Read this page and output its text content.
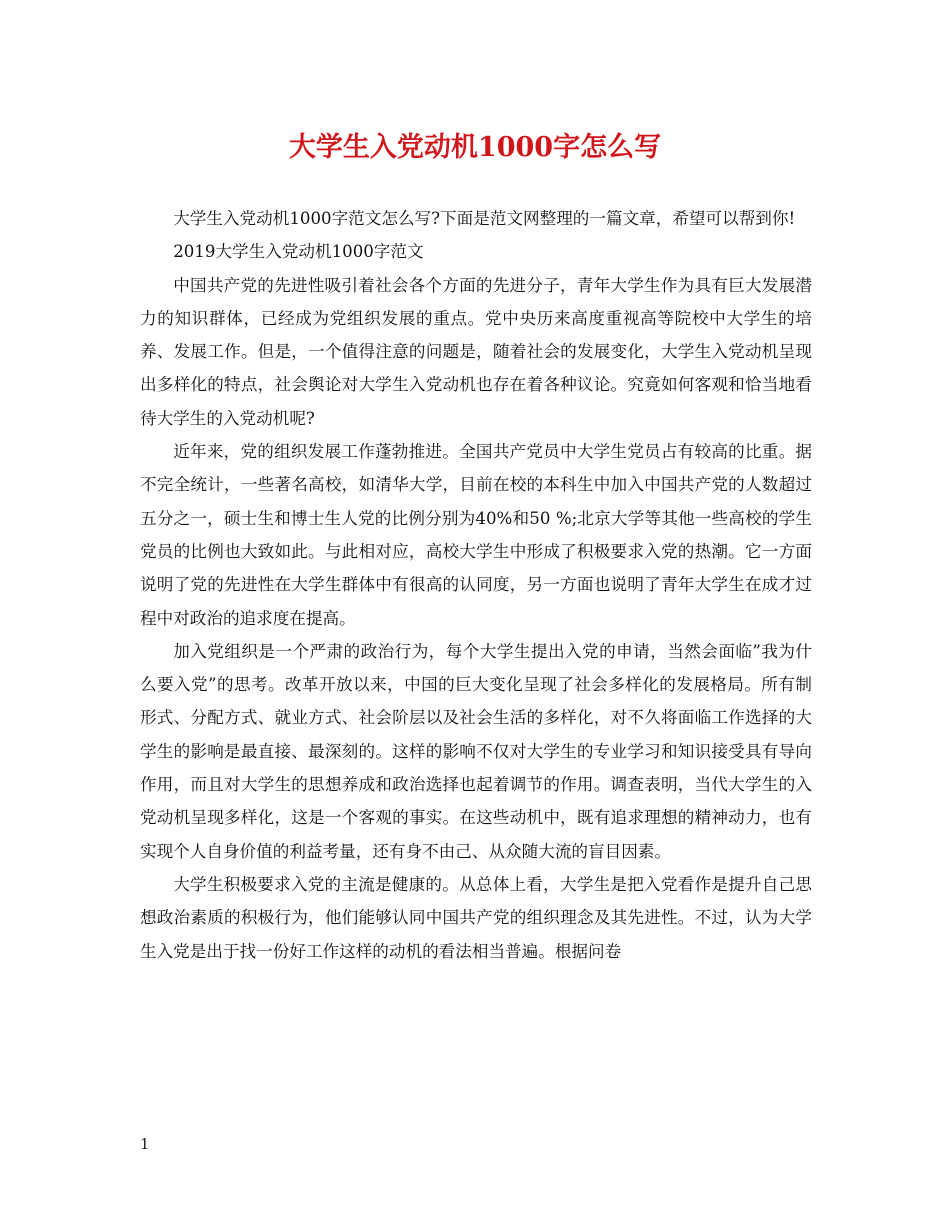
大学生入党动机1000字怎么写

大学生入党动机1000字范文怎么写?下面是范文网整理的一篇文章，希望可以帮到你!

2019大学生入党动机1000字范文

中国共产党的先进性吸引着社会各个方面的先进分子，青年大学生作为具有巨大发展潜力的知识群体，已经成为党组织发展的重点。党中央历来高度重视高等院校中大学生的培养、发展工作。但是，一个值得注意的问题是，随着社会的发展变化，大学生入党动机呈现出多样化的特点，社会舆论对大学生入党动机也存在着各种议论。究竟如何客观和恰当地看待大学生的入党动机呢?

近年来，党的组织发展工作蓬勃推进。全国共产党员中大学生党员占有较高的比重。据不完全统计，一些著名高校，如清华大学，目前在校的本科生中加入中国共产党的人数超过五分之一，硕士生和博士生人党的比例分别为40%和50 %;北京大学等其他一些高校的学生党员的比例也大致如此。与此相对应，高校大学生中形成了积极要求入党的热潮。它一方面说明了党的先进性在大学生群体中有很高的认同度，另一方面也说明了青年大学生在成才过程中对政治的追求度在提高。

加入党组织是一个严肃的政治行为，每个大学生提出入党的申请，当然会面临”我为什么要入党”的思考。改革开放以来，中国的巨大变化呈现了社会多样化的发展格局。所有制形式、分配方式、就业方式、社会阶层以及社会生活的多样化，对不久将面临工作选择的大学生的影响是最直接、最深刻的。这样的影响不仅对大学生的专业学习和知识接受具有导向作用，而且对大学生的思想养成和政治选择也起着调节的作用。调查表明，当代大学生的入党动机呈现多样化，这是一个客观的事实。在这些动机中，既有追求理想的精神动力，也有实现个人自身价值的利益考量，还有身不由己、从众随大流的盲目因素。

大学生积极要求入党的主流是健康的。从总体上看，大学生是把入党看作是提升自己思想政治素质的积极行为，他们能够认同中国共产党的组织理念及其先进性。不过，认为大学生入党是出于找一份好工作这样的动机的看法相当普遍。根据问卷

1
